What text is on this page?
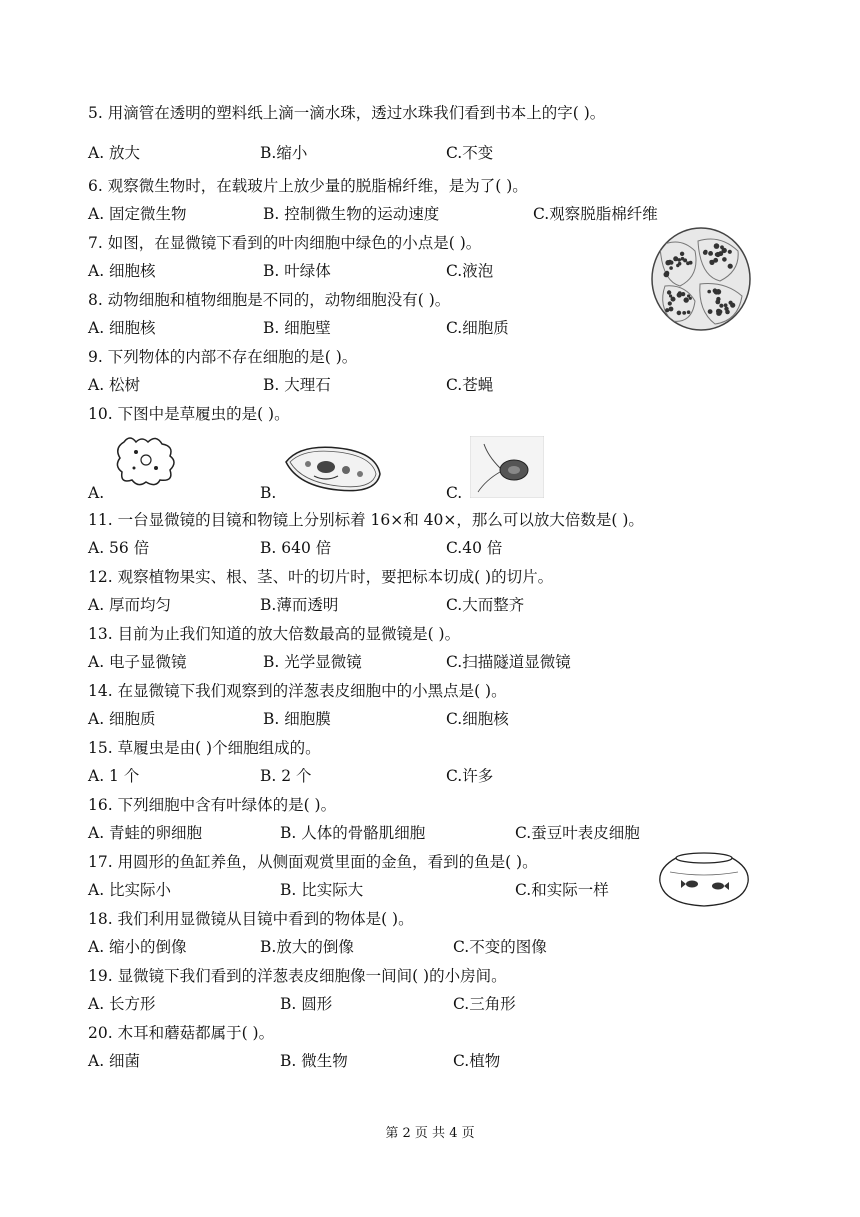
5. 用滴管在透明的塑料纸上滴一滴水珠，透过水珠我们看到书本上的字( )。
A. 放大	B.缩小	C.不变
6. 观察微生物时，在载玻片上放少量的脱脂棉纤维，是为了( )。
A. 固定微生物	B. 控制微生物的运动速度	C.观察脱脂棉纤维
7. 如图，在显微镜下看到的叶肉细胞中绿色的小点是( )。
A. 细胞核	B. 叶绿体	C.液泡
8. 动物细胞和植物细胞是不同的，动物细胞没有( )。
A. 细胞核	B. 细胞壁	C.细胞质
9. 下列物体的内部不存在细胞的是( )。
A. 松树	B. 大理石	C.苍蝇
10. 下图中是草履虫的是( )。
A.	B.	C.
11. 一台显微镜的目镜和物镜上分别标着 16×和 40×，那么可以放大倍数是( )。
A. 56 倍	B. 640 倍	C.40 倍
12. 观察植物果实、根、茎、叶的切片时，要把标本切成( )的切片。
A. 厚而均匀	B.薄而透明	C.大而整齐
13. 目前为止我们知道的放大倍数最高的显微镜是( )。
A. 电子显微镜	B. 光学显微镜	C.扫描隧道显微镜
14. 在显微镜下我们观察到的洋葱表皮细胞中的小黑点是( )。
A. 细胞质	B. 细胞膜	C.细胞核
15. 草履虫是由( )个细胞组成的。
A. 1 个	B. 2 个	C.许多
16. 下列细胞中含有叶绿体的是( )。
A. 青蛙的卵细胞	B. 人体的骨骼肌细胞	C.蚕豆叶表皮细胞
17. 用圆形的鱼缸养鱼，从侧面观赏里面的金鱼，看到的鱼是( )。
A. 比实际小	B. 比实际大	C.和实际一样
18. 我们利用显微镜从目镜中看到的物体是( )。
A. 缩小的倒像	B.放大的倒像	C.不变的图像
19. 显微镜下我们看到的洋葱表皮细胞像一间间( )的小房间。
A. 长方形	B. 圆形	C.三角形
20. 木耳和蘑菇都属于( )。
A. 细菌	B. 微生物	C.植物
第 2 页 共 4 页
